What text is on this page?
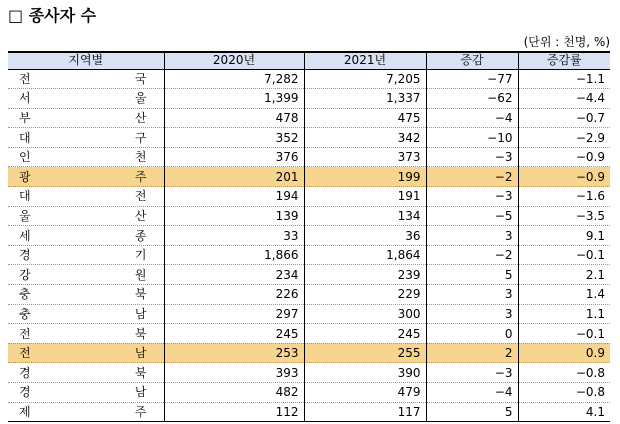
□ 종사자 수
(단위 : 천명, %)
지역별	2020년	2021년	증감	증감률

전 국	7,282	7,205	−77	−1.1

서 울	1,399	1,337	−62	−4.4

부 산	478	475	−4	−0.7

대 구	352	342	−10	−2.9

인 천	376	373	−3	−0.9

광 주	201	199	−2	−0.9

대 전	194	191	−3	−1.6

울 산	139	134	−5	−3.5

세 종	33	36	3	9.1

경 기	1,866	1,864	−2	−0.1

강 원	234	239	5	2.1

충 북	226	229	3	1.4

충 남	297	300	3	1.1

전 북	245	245	0	−0.1

전 남	253	255	2	0.9

경 북	393	390	−3	−0.8

경 남	482	479	−4	−0.8

제 주	112	117	5	4.1
